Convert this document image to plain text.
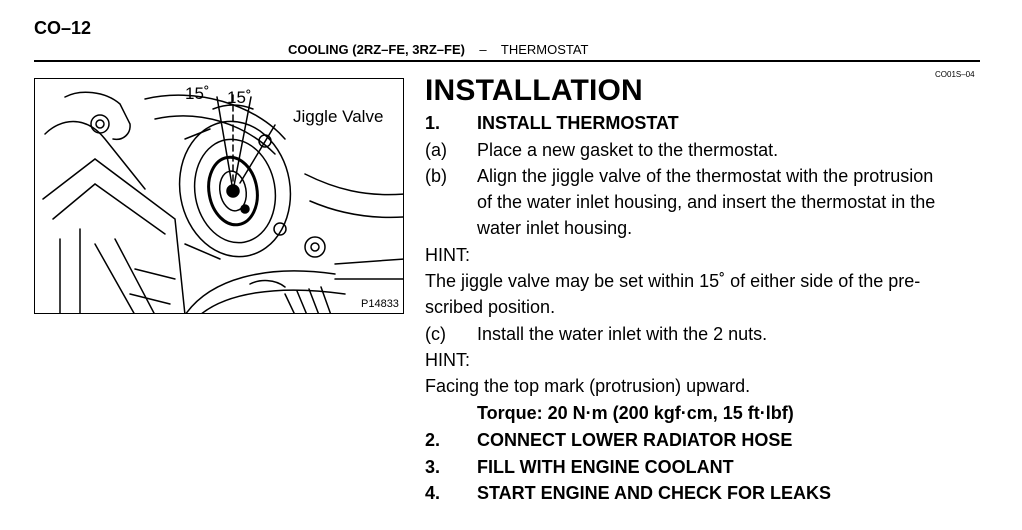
CO–12
COOLING (2RZ–FE, 3RZ–FE) – THERMOSTAT
CO01S–04
15˚ 15˚
Jiggle Valve
P14833
INSTALLATION
1. INSTALL THERMOSTAT
(a) Place a new gasket to the thermostat.
(b) Align the jiggle valve of the thermostat with the protrusion
of the water inlet housing, and insert the thermostat in the
water inlet housing.
HINT:
The jiggle valve may be set within 15˚ of either side of the pre-
scribed position.
(c) Install the water inlet with the 2 nuts.
HINT:
Facing the top mark (protrusion) upward.
Torque: 20 N·m (200 kgf·cm, 15 ft·lbf)
2. CONNECT LOWER RADIATOR HOSE
3. FILL WITH ENGINE COOLANT
4. START ENGINE AND CHECK FOR LEAKS
